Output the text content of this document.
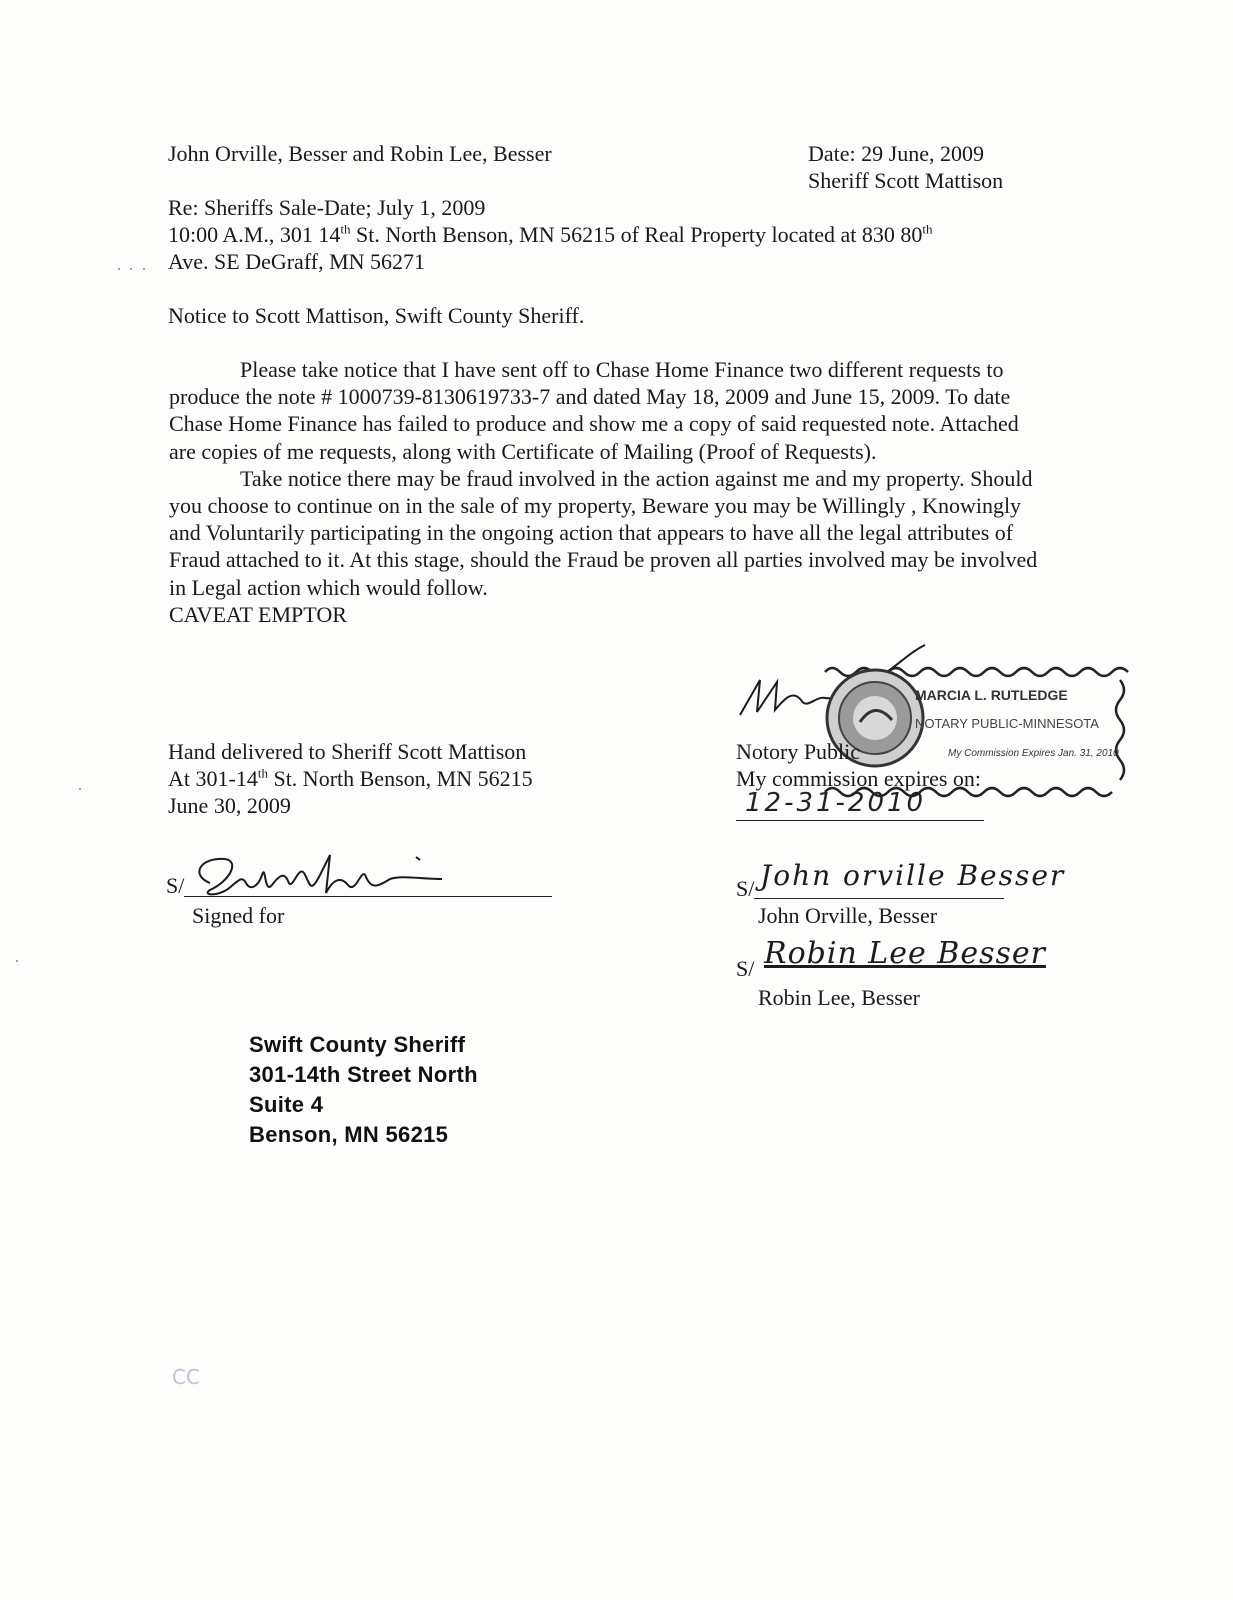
John Orville, Besser and Robin Lee, Besser	Date: 29 June, 2009
Sheriff Scott Mattison
Re: Sheriffs Sale-Date; July 1, 2009
10:00 A.M., 301 14th St. North Benson, MN 56215 of Real Property located at 830 80th
Ave. SE DeGraff, MN 56271
Notice to Scott Mattison, Swift County Sheriff.

Please take notice that I have sent off to Chase Home Finance two different requests to produce the note # 1000739-8130619733-7 and dated May 18, 2009 and June 15, 2009. To date Chase Home Finance has failed to produce and show me a copy of said requested note. Attached are copies of me requests, along with Certificate of Mailing (Proof of Requests).

Take notice there may be fraud involved in the action against me and my property. Should you choose to continue on in the sale of my property, Beware you may be Willingly , Knowingly and Voluntarily participating in the ongoing action that appears to have all the legal attributes of Fraud attached to it. At this stage, should the Fraud be proven all parties involved may be involved in Legal action which would follow.

CAVEAT EMPTOR
Hand delivered to Sheriff Scott Mattison
At 301-14th St. North Benson, MN 56215
June 30, 2009
S/
Signed for
MARCIA L. RUTLEDGE
NOTARY PUBLIC-MINNESOTA
My Commission Expires Jan. 31, 2010
Notory Public
My commission expires on:
12-31-2010
S/ John orville Besser
John Orville, Besser
S/ Robin Lee Besser
Robin Lee, Besser
Swift County Sheriff
301-14th Street North
Suite 4
Benson, MN 56215
CC
